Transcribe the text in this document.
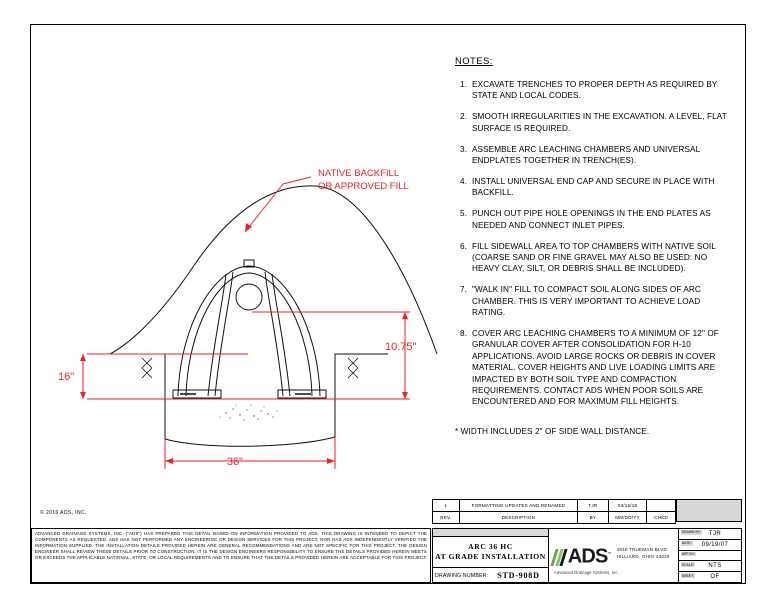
16"
10.75"
36"
NATIVE BACKFILL
OR APPROVED FILL
NOTES:
1. EXCAVATE TRENCHES TO PROPER DEPTH AS REQUIRED BY STATE AND LOCAL CODES.
2. SMOOTH IRREGULARITIES IN THE EXCAVATION. A LEVEL, FLAT SURFACE IS REQUIRED.
3. ASSEMBLE ARC LEACHING CHAMBERS AND UNIVERSAL ENDPLATES TOGETHER IN TRENCH(ES).
4. INSTALL UNIVERSAL END CAP AND SECURE IN PLACE WITH BACKFILL.
5. PUNCH OUT PIPE HOLE OPENINGS IN THE END PLATES AS NEEDED AND CONNECT INLET PIPES.
6. FILL SIDEWALL AREA TO TOP CHAMBERS WITH NATIVE SOIL (COARSE SAND OR FINE GRAVEL MAY ALSO BE USED: NO HEAVY CLAY, SILT, OR DEBRIS SHALL BE INCLUDED).
7. "WALK IN" FILL TO COMPACT SOIL ALONG SIDES OF ARC CHAMBER. THIS IS VERY IMPORTANT TO ACHIEVE LOAD RATING.
8. COVER ARC LEACHING CHAMBERS TO A MINIMUM OF 12" OF GRANULAR COVER AFTER CONSOLIDATION FOR H-10 APPLICATIONS. AVOID LARGE ROCKS OR DEBRIS IN COVER MATERIAL. COVER HEIGHTS AND LIVE LOADING LIMITS ARE IMPACTED BY BOTH SOIL TYPE AND COMPACTION REQUIREMENTS. CONTACT ADS WHEN POOR SOILS ARE ENCOUNTERED AND FOR MAXIMUM FILL HEIGHTS.
* WIDTH INCLUDES 2" OF SIDE WALL DISTANCE.
© 2016 ADS, INC.
ADVANCED DRAINAGE SYSTEMS, INC. ("ADS") HAS PREPARED THIS DETAIL BASED ON INFORMATION PROVIDED TO ADS. THIS DRAWING IS INTENDED TO DEPICT THE COMPONENTS AS REQUESTED. ADS HAS NOT PERFORMED ANY ENGINEERING OR DESIGN SERVICES FOR THIS PROJECT, NOR HAS ADS INDEPENDENTLY VERIFIED THE INFORMATION SUPPLIED. THE INSTALLATION DETAILS PROVIDED HEREIN ARE GENERAL RECOMMENDATIONS AND ARE NOT SPECIFIC FOR THIS PROJECT. THE DESIGN ENGINEER SHALL REVIEW THESE DETAILS PRIOR TO CONSTRUCTION. IT IS THE DESIGN ENGINEERS RESPONSIBILITY TO ENSURE THE DETAILS PROVIDED HEREIN MEETS OR EXCEEDS THE APPLICABLE NATIONAL, STATE, OR LOCAL REQUIREMENTS AND TO ENSURE THAT THE DETAILS PROVIDED HEREIN ARE ACCEPTABLE FOR THIS PROJECT.
1	FORMATTING UPDATES AND RENAMED	TJR	03/16/16	
REV.	DESCRIPTION	BY	MM/DD/YY	CHKD
ARC 36 HC
AT GRADE INSTALLATION
DRAWING NUMBER: STD-908D
ADS™
Advanced Drainage Systems, Inc.
4640 TRUEMAN BLVD
HILLIARD, OHIO 43026
DRAWN BY:	TJR
DATE:	09/19/07
APP BY:
SCALE:	NTS
SHEET:	OF
